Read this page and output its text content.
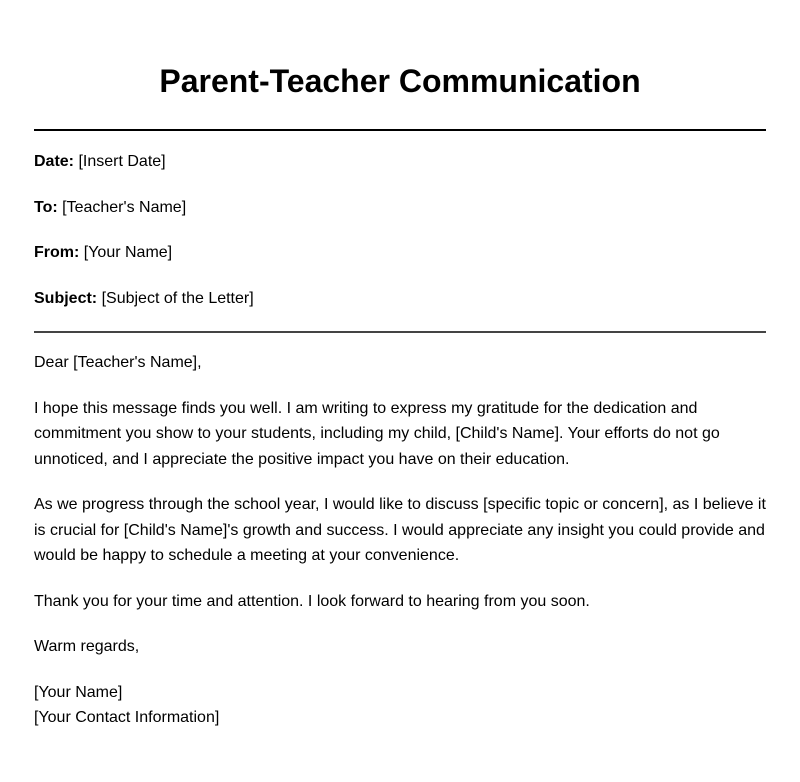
Parent-Teacher Communication
Date: [Insert Date]
To: [Teacher's Name]
From: [Your Name]
Subject: [Subject of the Letter]

Dear [Teacher's Name],

I hope this message finds you well. I am writing to express my gratitude for the dedication and commitment you show to your students, including my child, [Child's Name]. Your efforts do not go unnoticed, and I appreciate the positive impact you have on their education.

As we progress through the school year, I would like to discuss [specific topic or concern], as I believe it is crucial for [Child's Name]'s growth and success. I would appreciate any insight you could provide and would be happy to schedule a meeting at your convenience.

Thank you for your time and attention. I look forward to hearing from you soon.

Warm regards,

[Your Name]
[Your Contact Information]
